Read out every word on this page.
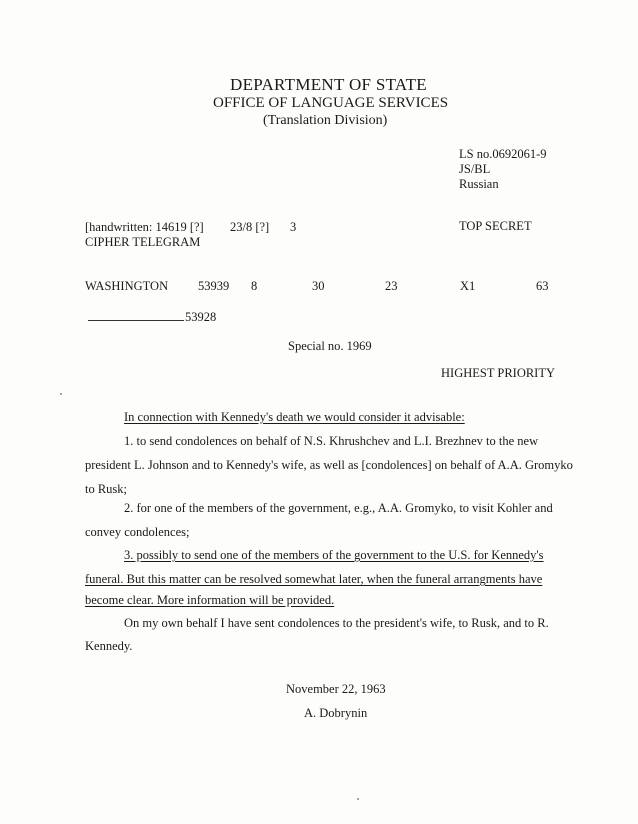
DEPARTMENT OF STATE
OFFICE OF LANGUAGE SERVICES
(Translation Division)
LS no.0692061-9
JS/BL
Russian
[handwritten: 14619 [?] 23/8 [?] 3	TOP SECRET
CIPHER TELEGRAM
WASHINGTON 53939 8	30	23	X1	63
53928
Special no. 1969
HIGHEST PRIORITY
In connection with Kennedy's death we would consider it advisable:
1. to send condolences on behalf of N.S. Khrushchev and L.I. Brezhnev to the new
president L. Johnson and to Kennedy's wife, as well as [condolences] on behalf of A.A. Gromyko
to Rusk;
2. for one of the members of the government, e.g., A.A. Gromyko, to visit Kohler and
convey condolences;
3. possibly to send one of the members of the government to the U.S. for Kennedy's
funeral. But this matter can be resolved somewhat later, when the funeral arrangments have
become clear. More information will be provided.
On my own behalf I have sent condolences to the president's wife, to Rusk, and to R.
Kennedy.
November 22, 1963
A. Dobrynin
